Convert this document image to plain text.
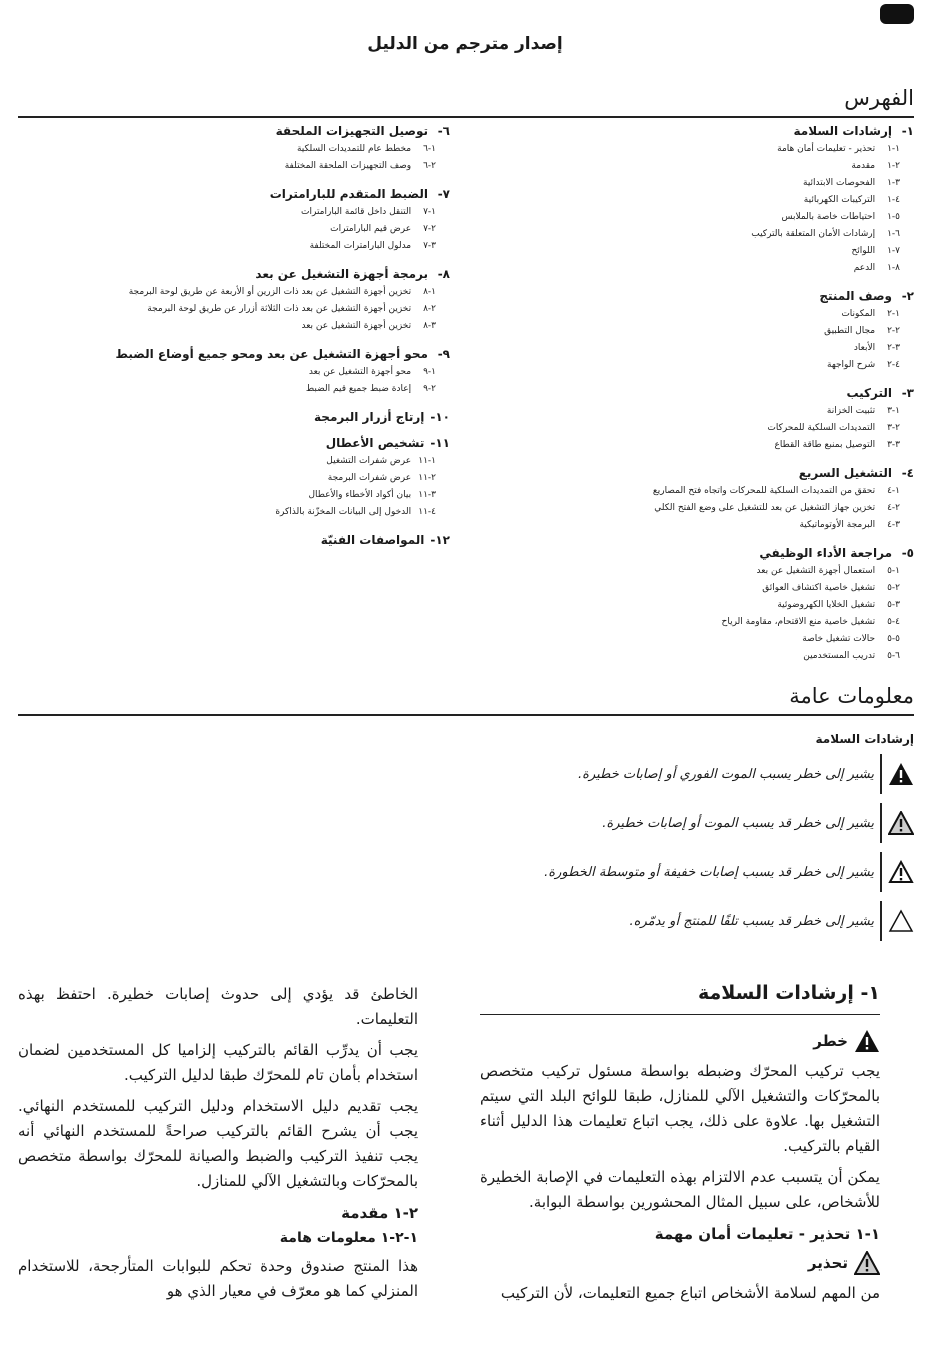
إصدار مترجم من الدليل
الفهرس
١-
إرشادات السلامة
١-١ تحذير - تعليمات أمان هامة
٢-١ مقدمة
٣-١ الفحوصات الابتدائية
٤-١ التركيبات الكهربائية
٥-١ احتياطات خاصة بالملابس
٦-١ إرشادات الأمان المتعلقة بالتركيب
٧-١ اللوائح
٨-١ الدعم
٢-
وصف المنتج
١-٢ المكونات
٢-٢ مجال التطبيق
٣-٢ الأبعاد
٤-٢ شرح الواجهة
٣-
التركيب
١-٣ تثبيت الخزانة
٢-٣ التمديدات السلكية للمحركات
٣-٣ التوصيل بمنبع طاقة القطاع
٤-
التشغيل السريع
١-٤ تحقق من التمديدات السلكية للمحركات واتجاه فتح المصاريع
٢-٤ تخزين جهاز التشغيل عن بعد للتشغيل على وضع الفتح الكلي
٣-٤ البرمجة الأوتوماتيكية
٥-
مراجعة الأداء الوظيفي
١-٥ استعمال أجهزة التشغيل عن بعد
٢-٥ تشغيل خاصية اكتشاف العوائق
٣-٥ تشغيل الخلايا الكهروضوئية
٤-٥ تشغيل خاصية منع الاقتحام، مقاومة الرياح
٥-٥ حالات تشغيل خاصة
٦-٥ تدريب المستخدمين
٦-
توصيل التجهيزات الملحقة
١-٦ مخطط عام للتمديدات السلكية
٢-٦ وصف التجهيزات الملحقة المختلفة
٧-
الضبط المتقدم للبارامترات
١-٧ التنقل داخل قائمة البارامترات
٢-٧ عرض قيم البارامترات
٣-٧ مدلول البارامترات المختلفة
٨-
برمجة أجهزة التشغيل عن بعد
١-٨ تخزين أجهزة التشغيل عن بعد ذات الزرين أو الأربعة عن طريق لوحة البرمجة
٢-٨ تخزين أجهزة التشغيل عن بعد ذات الثلاثة أزرار عن طريق لوحة البرمجة
٣-٨ تخزين أجهزة التشغيل عن بعد
٩-
محو أجهزة التشغيل عن بعد ومحو جميع أوضاع الضبط
١-٩ محو أجهزة التشغيل عن بعد
٢-٩ إعادة ضبط جميع قيم الضبط
١٠-
إرتاج أزرار البرمجة
١١-
تشخيص الأعطال
١-١١ عرض شفرات التشغيل
٢-١١ عرض شفرات البرمجة
٣-١١ بيان أكواد الأخطاء والأعطال
٤-١١ الدخول إلى البيانات المخزّنة بالذاكرة
١٢-
المواصفات الفنيّة
معلومات عامة
إرشادات السلامة
يشير إلى خطر يسبب الموت الفوري أو إصابات خطيرة.
يشير إلى خطر قد يسبب الموت أو إصابات خطيرة.
يشير إلى خطر قد يسبب إصابات خفيفة أو متوسطة الخطورة.
يشير إلى خطر قد يسبب تلفًا للمنتج أو يدمّره.
١- إرشادات السلامة
خطر

يجب تركيب المحرّك وضبطه بواسطة مسئول تركيب متخصص بالمحرّكات والتشغيل الآلي للمنازل، طبقا للوائح البلد التي سيتم التشغيل بها. علاوة على ذلك، يجب اتباع تعليمات هذا الدليل أثناء القيام بالتركيب.

يمكن أن يتسبب عدم الالتزام بهذه التعليمات في الإصابة الخطيرة للأشخاص، على سبيل المثال المحشورين بواسطة البوابة.

١-١ تحذير - تعليمات أمان مهمة
تحذير

من المهم لسلامة الأشخاص اتباع جميع التعليمات، لأن التركيب

الخاطئ قد يؤدي إلى حدوث إصابات خطيرة. احتفظ بهذه التعليمات.

يجب أن يدرِّب القائم بالتركيب إلزاميا كل المستخدمين لضمان استخدام بأمان تام للمحرّك طبقا لدليل التركيب.

يجب تقديم دليل الاستخدام ودليل التركيب للمستخدم النهائي. يجب أن يشرح القائم بالتركيب صراحةً للمستخدم النهائي أنه يجب تنفيذ التركيب والضبط والصيانة للمحرّك بواسطة متخصص بالمحرّكات وبالتشغيل الآلي للمنازل.

٢-١ مقدمة
١-٢-١ معلومات هامة

هذا المنتج صندوق وحدة تحكم للبوابات المتأرجحة، للاستخدام المنزلي كما هو معرّف في معيار الذي هو
